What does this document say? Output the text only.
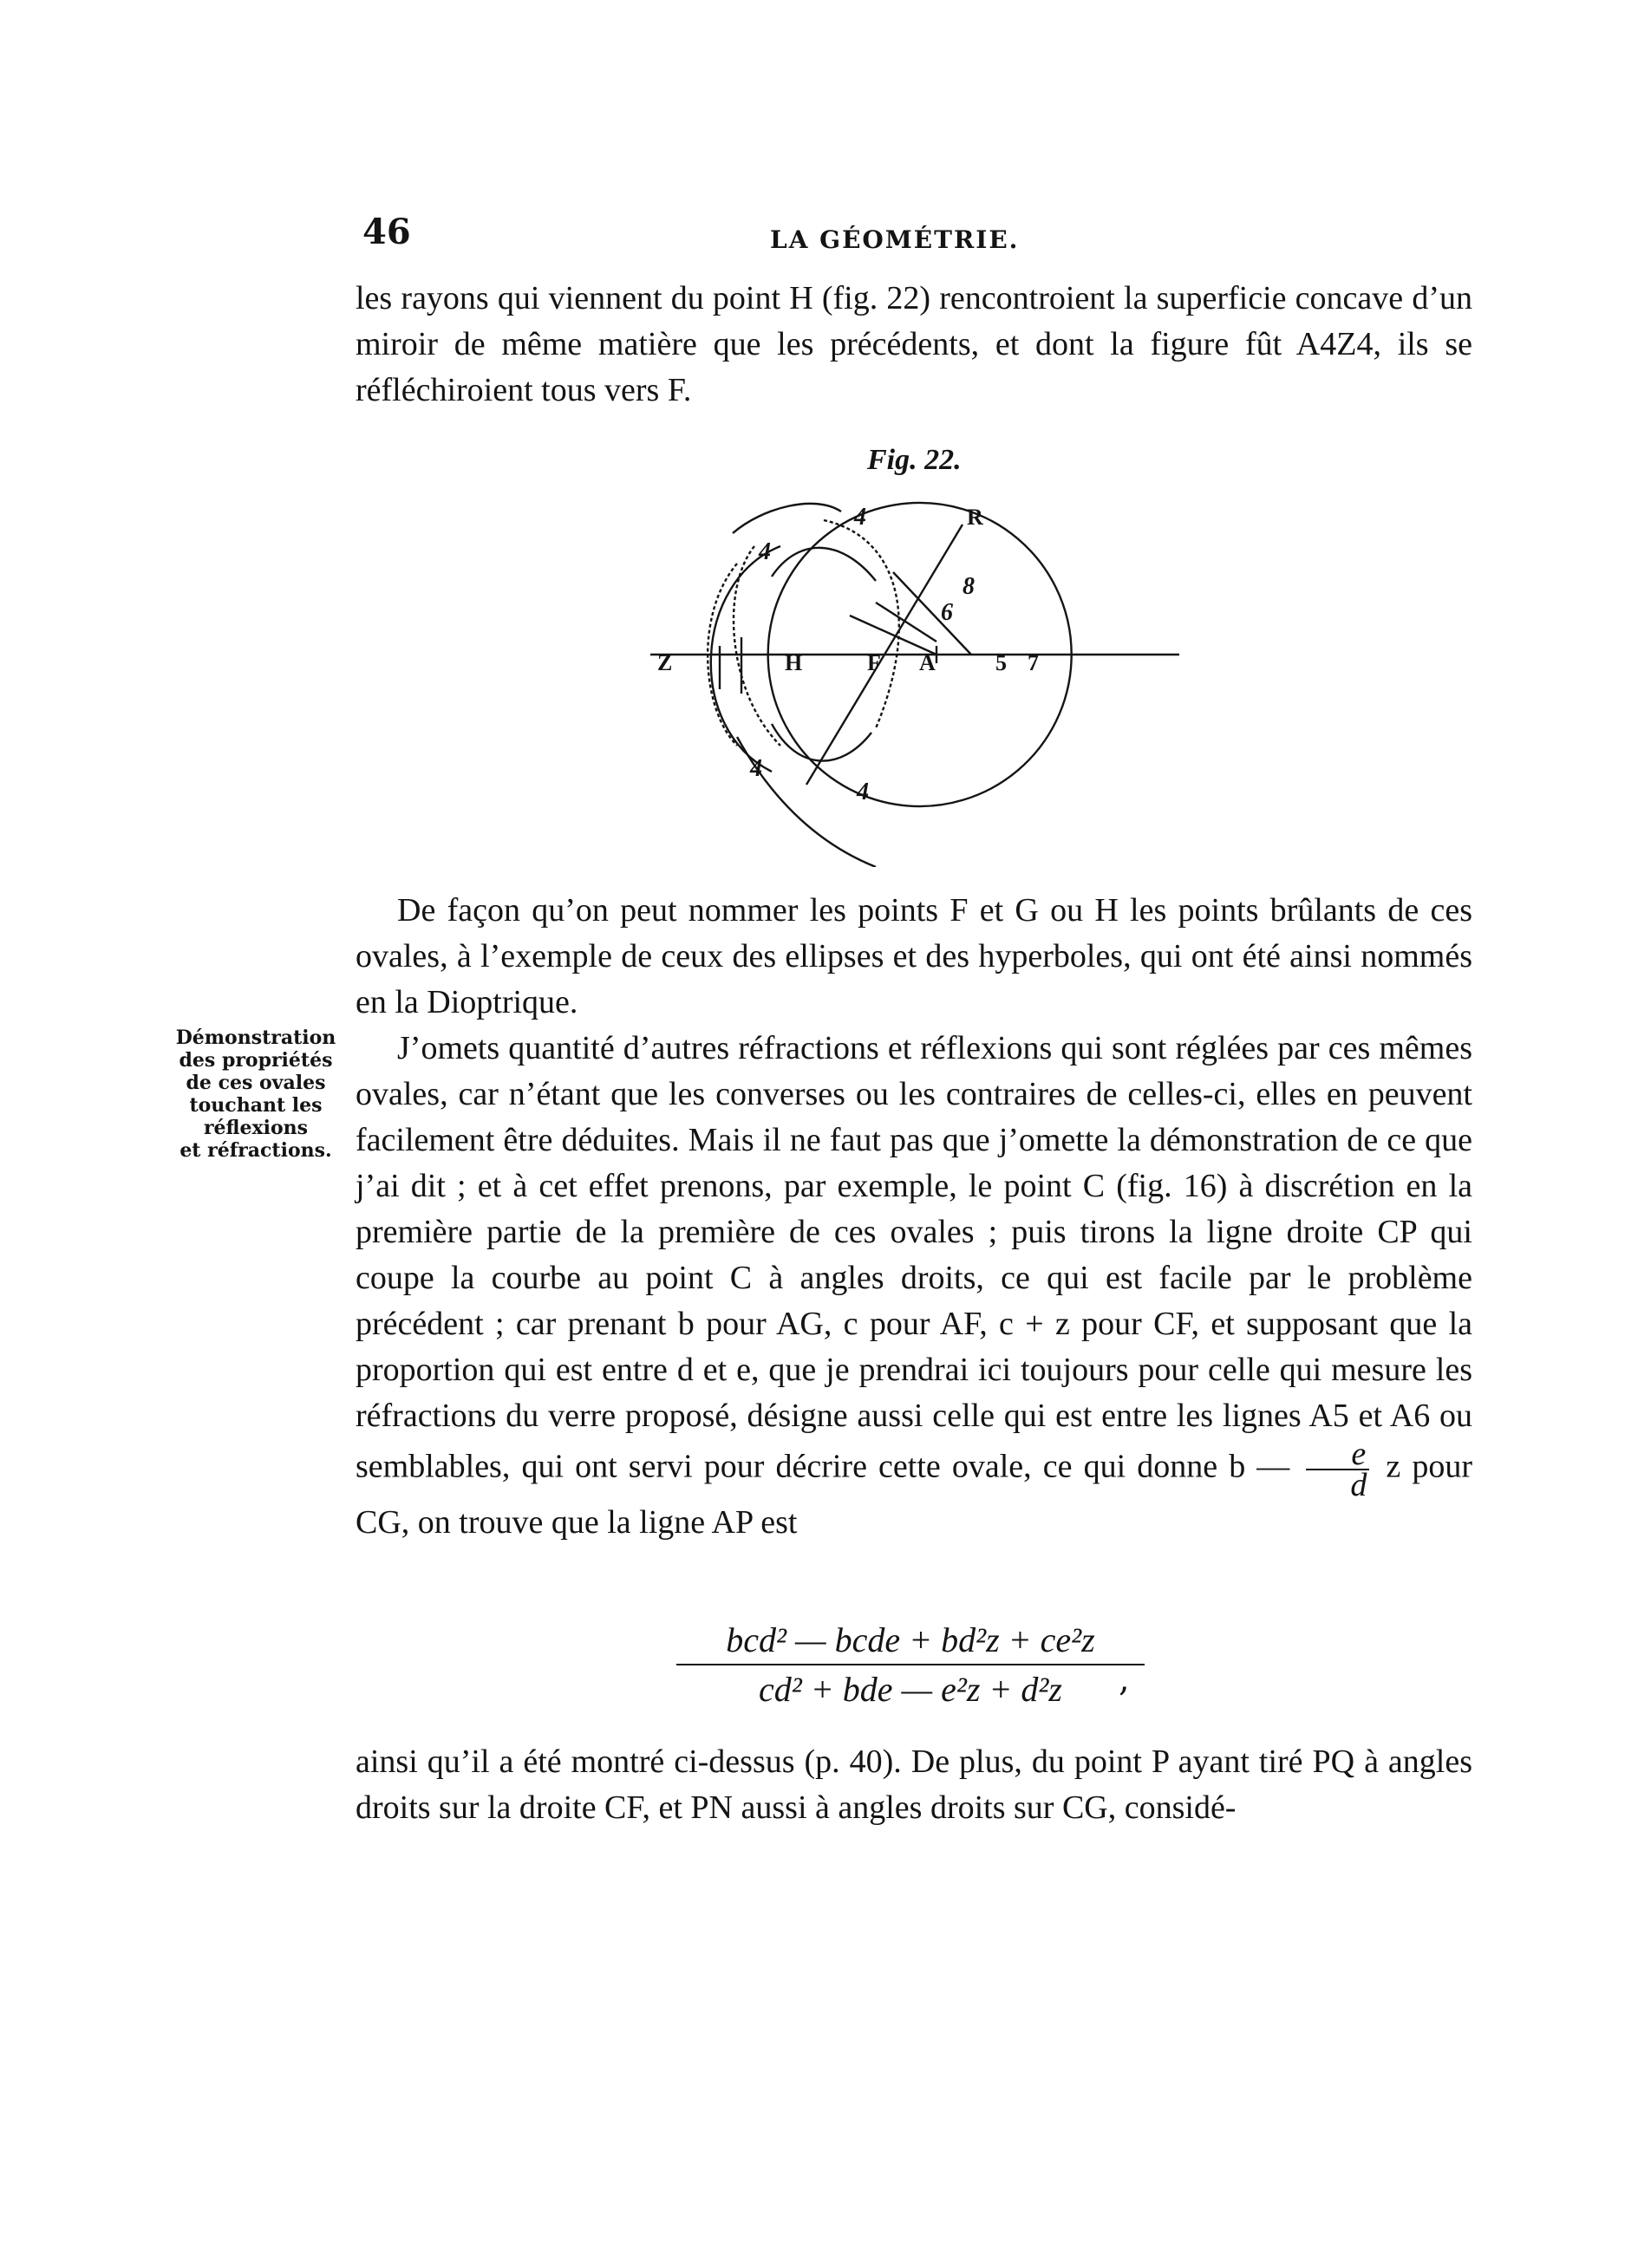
46	LA GÉOMÉTRIE.

les rayons qui viennent du point H (fig. 22) rencontroient la superficie concave d’un miroir de même matière que les précédents, et dont la figure fût A4Z4, ils se réfléchiroient tous vers F.

Fig. 22.
Z	H	F A	5 7
R
6
8
4
4
4
4
Démonstration
des propriétés
de ces ovales
touchant les
réflexions
et réfractions.

De façon qu’on peut nommer les points F et G ou H les points brûlants de ces ovales, à l’exemple de ceux des ellipses et des hyperboles, qui ont été ainsi nommés en la Dioptrique.

J’omets quantité d’autres réfractions et réflexions qui sont réglées par ces mêmes ovales, car n’étant que les converses ou les contraires de celles-ci, elles en peuvent facilement être déduites. Mais il ne faut pas que j’omette la démonstration de ce que j’ai dit ; et à cet effet prenons, par exemple, le point C (fig. 16) à discrétion en la première partie de la première de ces ovales ; puis tirons la ligne droite CP qui coupe la courbe au point C à angles droits, ce qui est facile par le problème précédent ; car prenant b pour AG, c pour AF, c + z pour CF, et supposant que la proportion qui est entre d et e, que je prendrai ici toujours pour celle qui mesure les réfractions du verre proposé, désigne aussi celle qui est entre les lignes A5 et A6 ou semblables, qui ont servi pour décrire cette ovale, ce qui donne b — $\frac{e}{d}$ z pour CG, on trouve que la ligne AP est

bcd² — bcde + bd²z + ce²z
cd² + bde — e²z + d²z	,

ainsi qu’il a été montré ci-dessus (p. 40). De plus, du point P ayant tiré PQ à angles droits sur la droite CF, et PN aussi à angles droits sur CG, considé-
